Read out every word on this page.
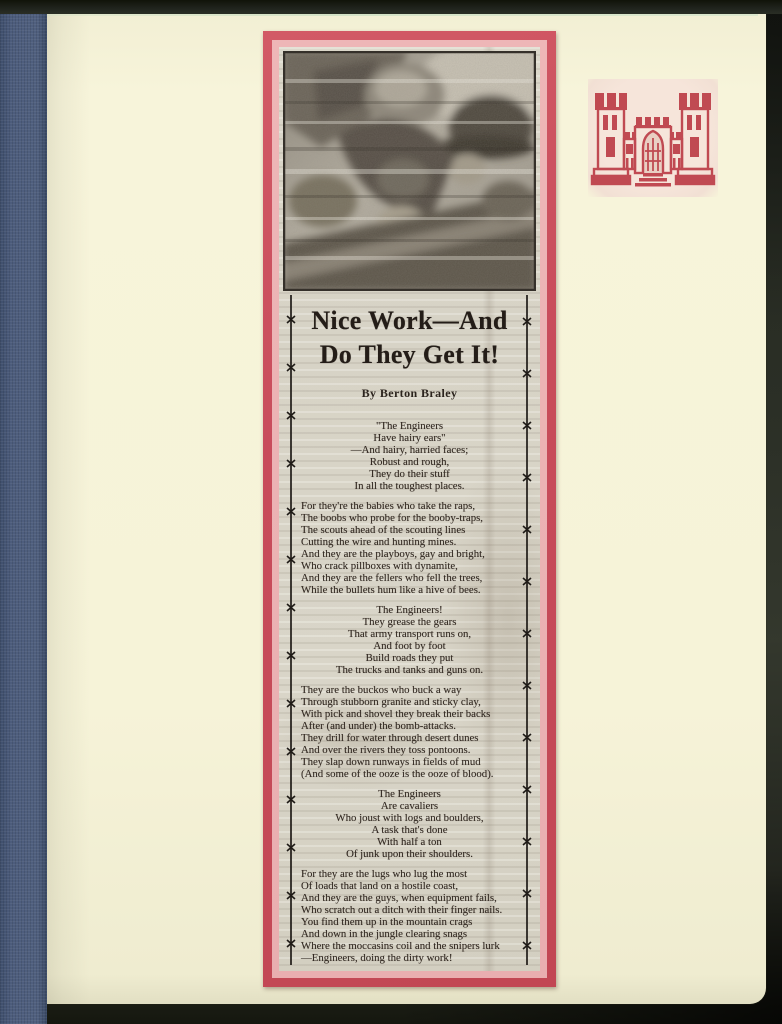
Nice Work—And
Do They Get It!
By Berton Braley
"The Engineers
Have hairy ears"
—And hairy, harried faces;
Robust and rough,
They do their stuff
In all the toughest places.
For they're the babies who take the raps,
The boobs who probe for the booby-traps,
The scouts ahead of the scouting lines
Cutting the wire and hunting mines.
And they are the playboys, gay and bright,
Who crack pillboxes with dynamite,
And they are the fellers who fell the trees,
While the bullets hum like a hive of bees.
The Engineers!
They grease the gears
That army transport runs on,
And foot by foot
Build roads they put
The trucks and tanks and guns on.
They are the buckos who buck a way
Through stubborn granite and sticky clay,
With pick and shovel they break their backs
After (and under) the bomb-attacks.
They drill for water through desert dunes
And over the rivers they toss pontoons.
They slap down runways in fields of mud
(And some of the ooze is the ooze of blood).
The Engineers
Are cavaliers
Who joust with logs and boulders,
A task that's done
With half a ton
Of junk upon their shoulders.
For they are the lugs who lug the most
Of loads that land on a hostile coast,
And they are the guys, when equipment fails,
Who scratch out a ditch with their finger nails.
You find them up in the mountain crags
And down in the jungle clearing snags
Where the moccasins coil and the snipers lurk
—Engineers, doing the dirty work!
